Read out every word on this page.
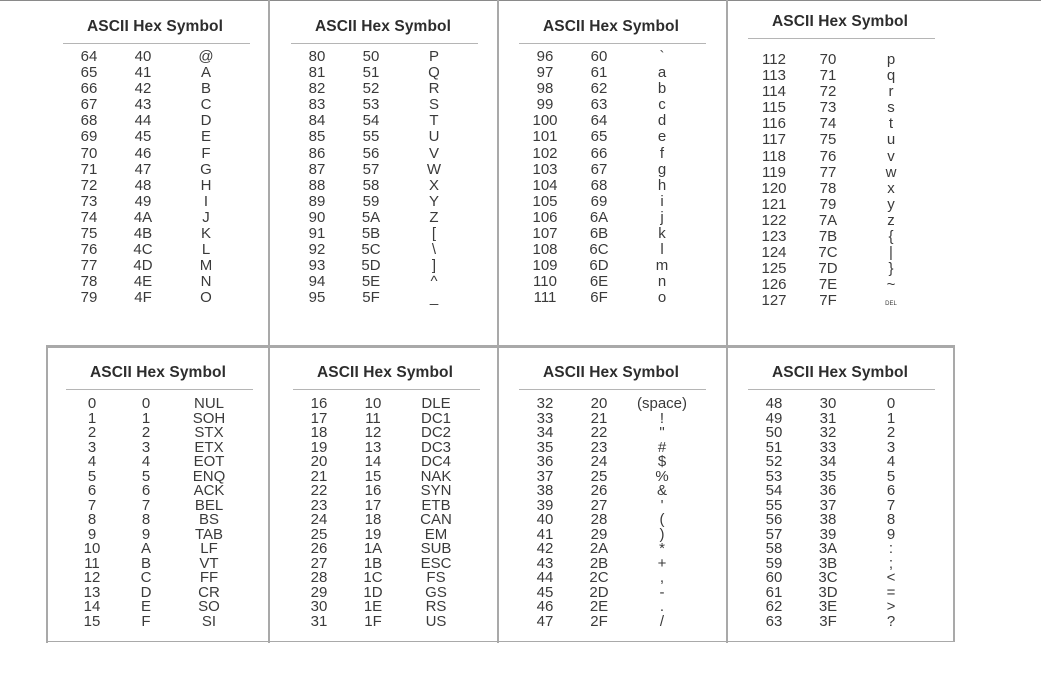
ASCII Hex Symbol
64	40	@
65	41	A
66	42	B
67	43	C
68	44	D
69	45	E
70	46	F
71	47	G
72	48	H
73	49	I
74	4A	J
75	4B	K
76	4C	L
77	4D	M
78	4E	N
79	4F	O
ASCII Hex Symbol
80	50	P
81	51	Q
82	52	R
83	53	S
84	54	T
85	55	U
86	56	V
87	57	W
88	58	X
89	59	Y
90	5A	Z
91	5B	[
92	5C	\
93	5D	]
94	5E	^
95	5F	_
ASCII Hex Symbol
96	60	`
97	61	a
98	62	b
99	63	c
100	64	d
101	65	e
102	66	f
103	67	g
104	68	h
105	69	i
106	6A	j
107	6B	k
108	6C	l
109	6D	m
110	6E	n
111	6F	o
ASCII Hex Symbol
112	70	p
113	71	q
114	72	r
115	73	s
116	74	t
117	75	u
118	76	v
119	77	w
120	78	x
121	79	y
122	7A	z
123	7B	{
124	7C	|
125	7D	}
126	7E	~
127	7F	DEL
ASCII Hex Symbol
0	0	NUL
1	1	SOH
2	2	STX
3	3	ETX
4	4	EOT
5	5	ENQ
6	6	ACK
7	7	BEL
8	8	BS
9	9	TAB
10	A	LF
11	B	VT
12	C	FF
13	D	CR
14	E	SO
15	F	SI
ASCII Hex Symbol
16	10	DLE
17	11	DC1
18	12	DC2
19	13	DC3
20	14	DC4
21	15	NAK
22	16	SYN
23	17	ETB
24	18	CAN
25	19	EM
26	1A	SUB
27	1B	ESC
28	1C	FS
29	1D	GS
30	1E	RS
31	1F	US
ASCII Hex Symbol
32	20	(space)
33	21	!
34	22	"
35	23	#
36	24	$
37	25	%
38	26	&
39	27	'
40	28	(
41	29	)
42	2A	*
43	2B	+
44	2C	,
45	2D	-
46	2E	.
47	2F	/
ASCII Hex Symbol
48	30	0
49	31	1
50	32	2
51	33	3
52	34	4
53	35	5
54	36	6
55	37	7
56	38	8
57	39	9
58	3A	:
59	3B	;
60	3C	<
61	3D	=
62	3E	>
63	3F	?
